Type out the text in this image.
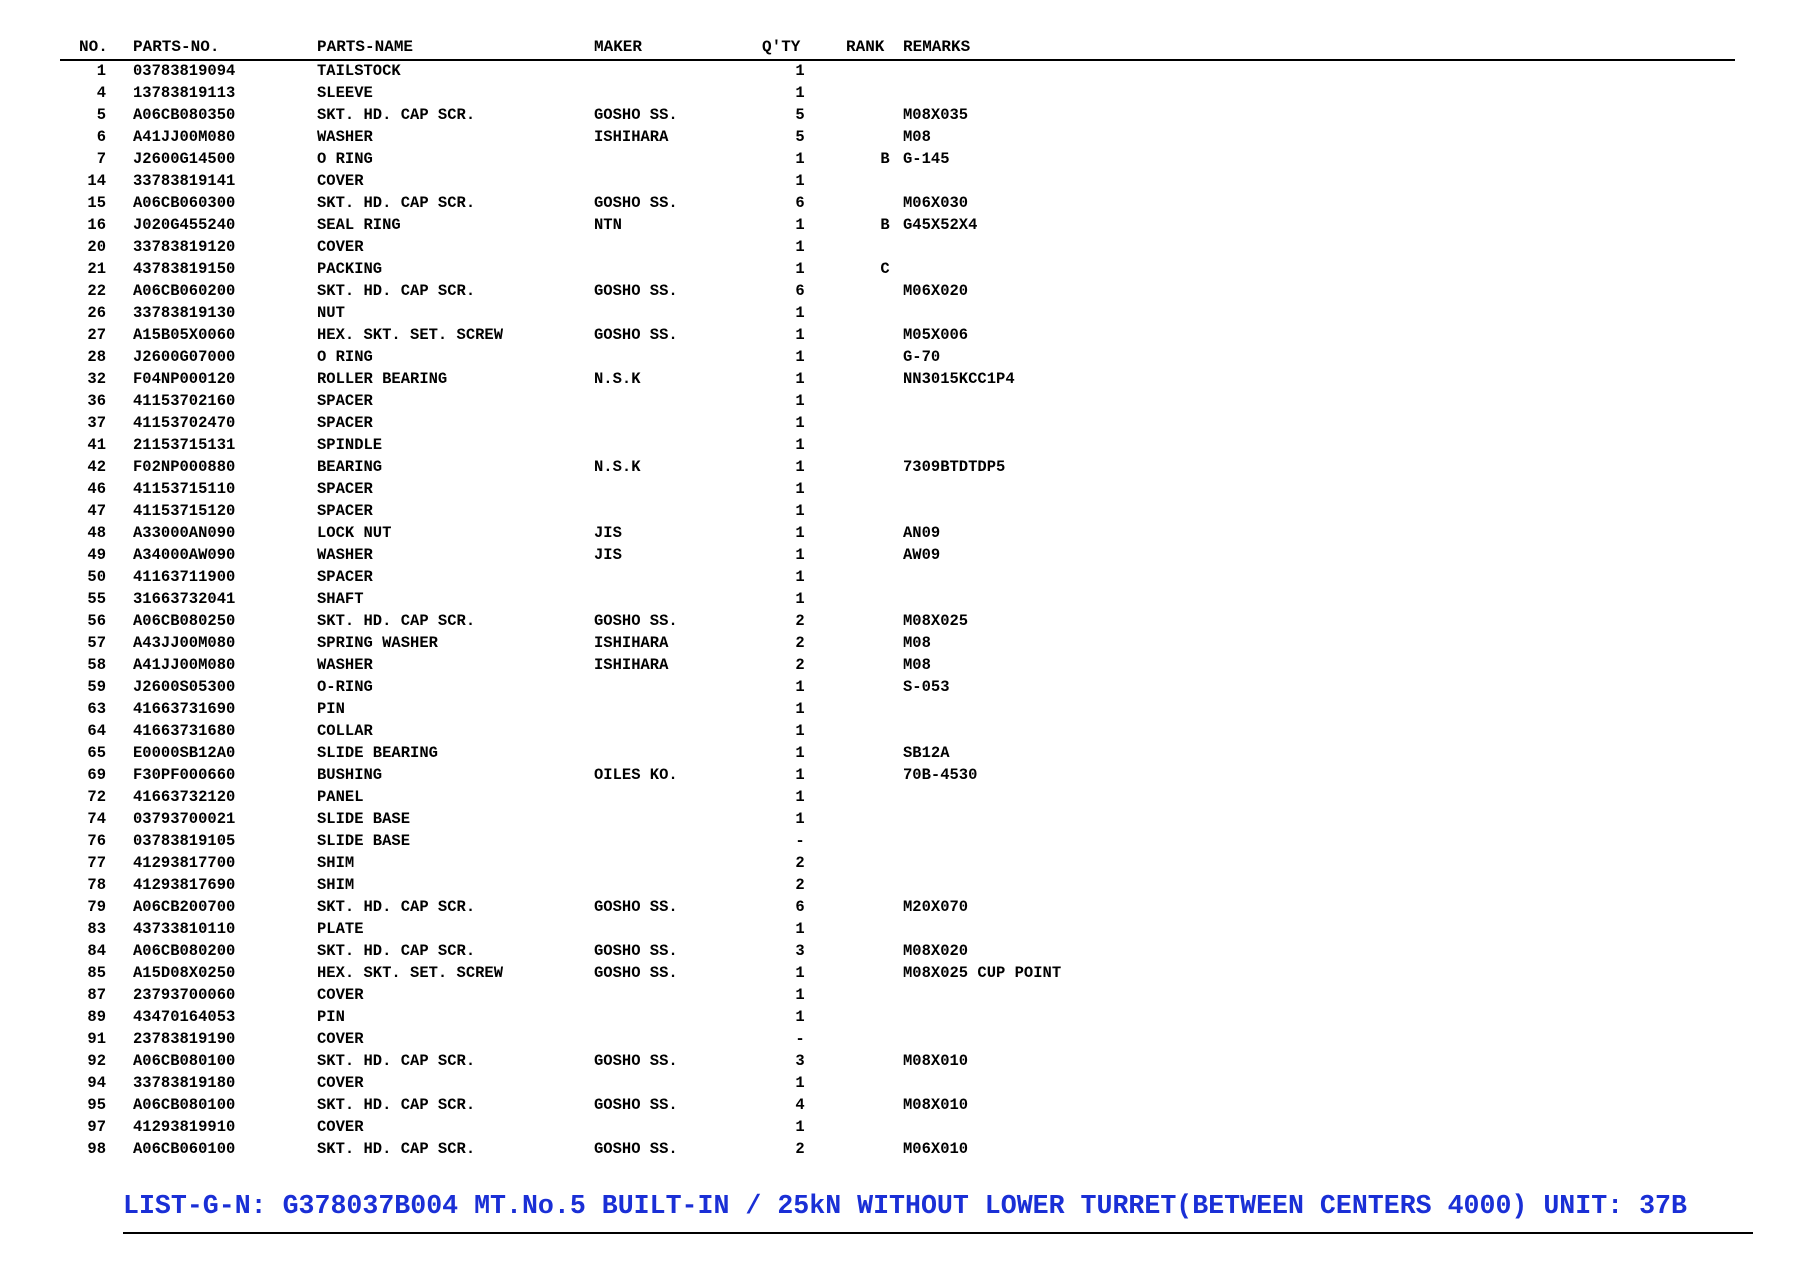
NO.	PARTS-NO.	PARTS-NAME	MAKER	Q'TY	RANK	REMARKS
1 03783819094	TAILSTOCK	1
4 13783819113	SLEEVE	1
5 A06CB080350	SKT. HD. CAP SCR.	GOSHO SS.	5	M08X035
6 A41JJ00M080	WASHER	ISHIHARA	5	M08
7 J2600G14500	O RING	1	B G-145
14 33783819141	COVER	1
15 A06CB060300	SKT. HD. CAP SCR.	GOSHO SS.	6	M06X030
16 J020G455240	SEAL RING	NTN	1	B G45X52X4
20 33783819120	COVER	1
21 43783819150	PACKING	1	C
22 A06CB060200	SKT. HD. CAP SCR.	GOSHO SS.	6	M06X020
26 33783819130	NUT	1
27 A15B05X0060	HEX. SKT. SET. SCREW	GOSHO SS.	1	M05X006
28 J2600G07000	O RING	1	G-70
32 F04NP000120	ROLLER BEARING	N.S.K	1	NN3015KCC1P4
36 41153702160	SPACER	1
37 41153702470	SPACER	1
41 21153715131	SPINDLE	1
42 F02NP000880	BEARING	N.S.K	1	7309BTDTDP5
46 41153715110	SPACER	1
47 41153715120	SPACER	1
48 A33000AN090	LOCK NUT	JIS	1	AN09
49 A34000AW090	WASHER	JIS	1	AW09
50 41163711900	SPACER	1
55 31663732041	SHAFT	1
56 A06CB080250	SKT. HD. CAP SCR.	GOSHO SS.	2	M08X025
57 A43JJ00M080	SPRING WASHER	ISHIHARA	2	M08
58 A41JJ00M080	WASHER	ISHIHARA	2	M08
59 J2600S05300	O-RING	1	S-053
63 41663731690	PIN	1
64 41663731680	COLLAR	1
65 E0000SB12A0	SLIDE BEARING	1	SB12A
69 F30PF000660	BUSHING	OILES KO.	1	70B-4530
72 41663732120	PANEL	1
74 03793700021	SLIDE BASE	1
76 03783819105	SLIDE BASE	-
77 41293817700	SHIM	2
78 41293817690	SHIM	2
79 A06CB200700	SKT. HD. CAP SCR.	GOSHO SS.	6	M20X070
83 43733810110	PLATE	1
84 A06CB080200	SKT. HD. CAP SCR.	GOSHO SS.	3	M08X020
85 A15D08X0250	HEX. SKT. SET. SCREW	GOSHO SS.	1	M08X025 CUP POINT
87 23793700060	COVER	1
89 43470164053	PIN	1
91 23783819190	COVER	-
92 A06CB080100	SKT. HD. CAP SCR.	GOSHO SS.	3	M08X010
94 33783819180	COVER	1
95 A06CB080100	SKT. HD. CAP SCR.	GOSHO SS.	4	M08X010
97 41293819910	COVER	1
98 A06CB060100	SKT. HD. CAP SCR.	GOSHO SS.	2	M06X010
LIST-G-N: G378037B004 MT.No.5 BUILT-IN / 25kN WITHOUT LOWER TURRET(BETWEEN CENTERS 4000) UNIT: 37B
